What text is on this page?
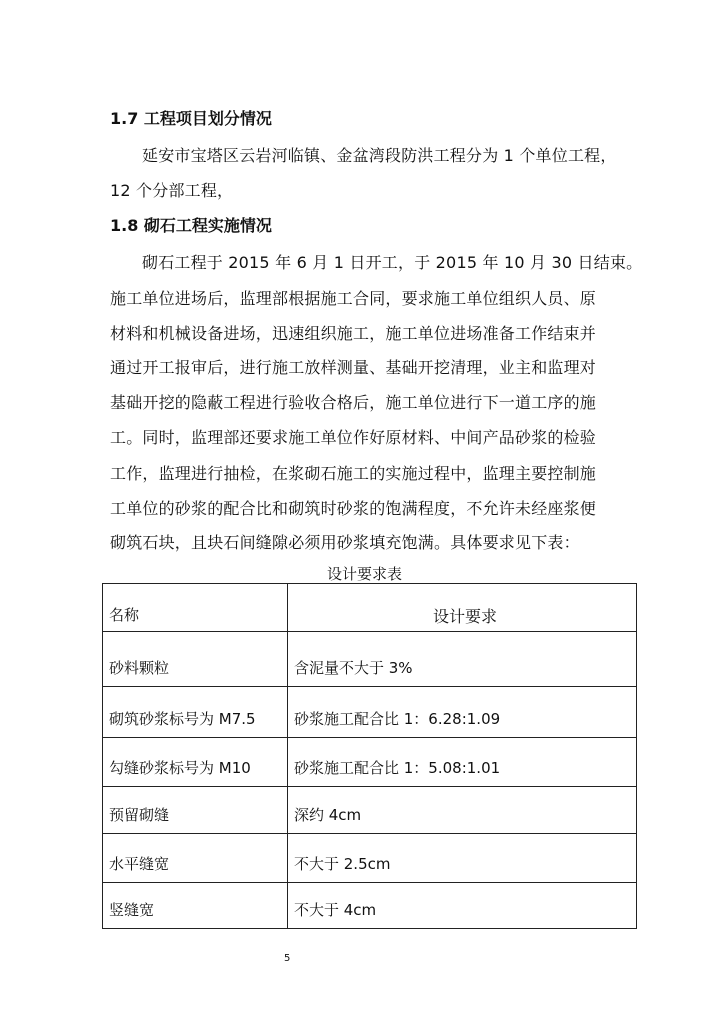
1.7 工程项目划分情况
延安市宝塔区云岩河临镇、金盆湾段防洪工程分为 1 个单位工程，
12 个分部工程，
1.8 砌石工程实施情况
砌石工程于 2015 年 6 月 1 日开工，于 2015 年 10 月 30 日结束。
施工单位进场后，监理部根据施工合同，要求施工单位组织人员、原
材料和机械设备进场，迅速组织施工，施工单位进场准备工作结束并
通过开工报审后，进行施工放样测量、基础开挖清理，业主和监理对
基础开挖的隐蔽工程进行验收合格后，施工单位进行下一道工序的施
工。同时，监理部还要求施工单位作好原材料、中间产品砂浆的检验
工作，监理进行抽检，在浆砌石施工的实施过程中，监理主要控制施
工单位的砂浆的配合比和砌筑时砂浆的饱满程度，不允许未经座浆便
砌筑石块，且块石间缝隙必须用砂浆填充饱满。具体要求见下表：
设计要求表
名称	设计要求
砂料颗粒	含泥量不大于 3%
砌筑砂浆标号为 M7.5	砂浆施工配合比 1：6.28:1.09
勾缝砂浆标号为 M10	砂浆施工配合比 1：5.08:1.01
预留砌缝	深约 4cm
水平缝宽	不大于 2.5cm
竖缝宽	不大于 4cm
5
